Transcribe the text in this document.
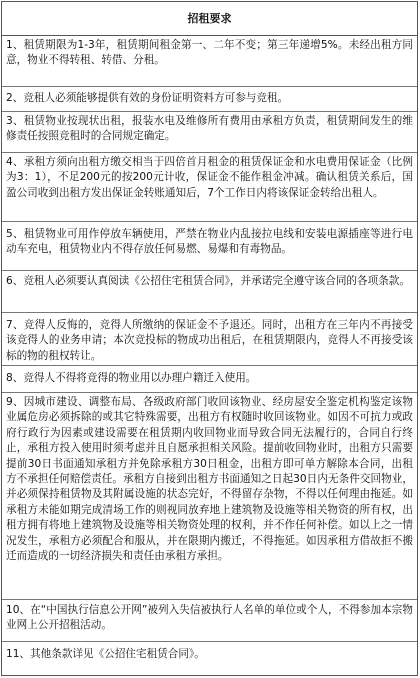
招租要求
1、租赁期限为1-3年，租赁期间租金第一、二年不变；第三年递增5%。未经出租方同意，物业不得转租、转借、分租。
2、竞租人必须能够提供有效的身份证明资料方可参与竞租。
3、租赁物业按现状出租，报装水电及维修所有费用由承租方负责，租赁期间发生的维修责任按照竞租时的合同规定确定。
4、承租方须向出租方缴交相当于四倍首月租金的租赁保证金和水电费用保证金（比例为3：1），不足200元的按200元计收，保证金不能作租金冲减。确认租赁关系后，国盈公司收到出租方发出保证金转账通知后，7个工作日内将该保证金转给出租人。
5、租赁物业可用作停放车辆使用，严禁在物业内乱接拉电线和安装电源插座等进行电动车充电，租赁物业内不得存放任何易燃、易爆和有毒物品。
6、竞租人必须要认真阅读《公招住宅租赁合同》，并承诺完全遵守该合同的各项条款。
7、竞得人反悔的，竞得人所缴纳的保证金不予退还。同时，出租方在三年内不再接受该竞得人的业务申请；本次竞投标的物成功出租后，在租赁期限内，竞得人不再接受该标的物的租权转让。
8、竞得人不得将竞得的物业用以办理户籍迁入使用。
9、因城市建设、调整布局、各级政府部门收回该物业、经房屋安全鉴定机构鉴定该物业属危房必须拆除的或其它特殊需要，出租方有权随时收回该物业。如因不可抗力或政府行政行为因素或建设需要在租赁期内收回物业而导致合同无法履行的，合同自行终止，承租方投入使用时须考虑并且自愿承担相关风险。提前收回物业时，出租方只需要提前30日书面通知承租方并免除承租方30日租金，出租方即可单方解除本合同，出租方不承担任何赔偿责任。承租方自接到出租方书面通知之日起30日内无条件交回物业，并必须保持租赁物及其附属设施的状态完好，不得留存杂物，不得以任何理由拖延。如承租方未能如期完成清场工作的则视同放弃地上建筑物及设施等相关物资的所有权，出租方拥有将地上建筑物及设施等相关物资处理的权利，并不作任何补偿。如以上之一情况发生，承租方必须配合和服从，并在限期内搬迁，不得拖延。如因承租方借故拒不搬迁而造成的一切经济损失和责任由承租方承担。
10、在“中国执行信息公开网”被列入失信被执行人名单的单位或个人，不得参加本宗物业网上公开招租活动。
11、其他条款详见《公招住宅租赁合同》。
